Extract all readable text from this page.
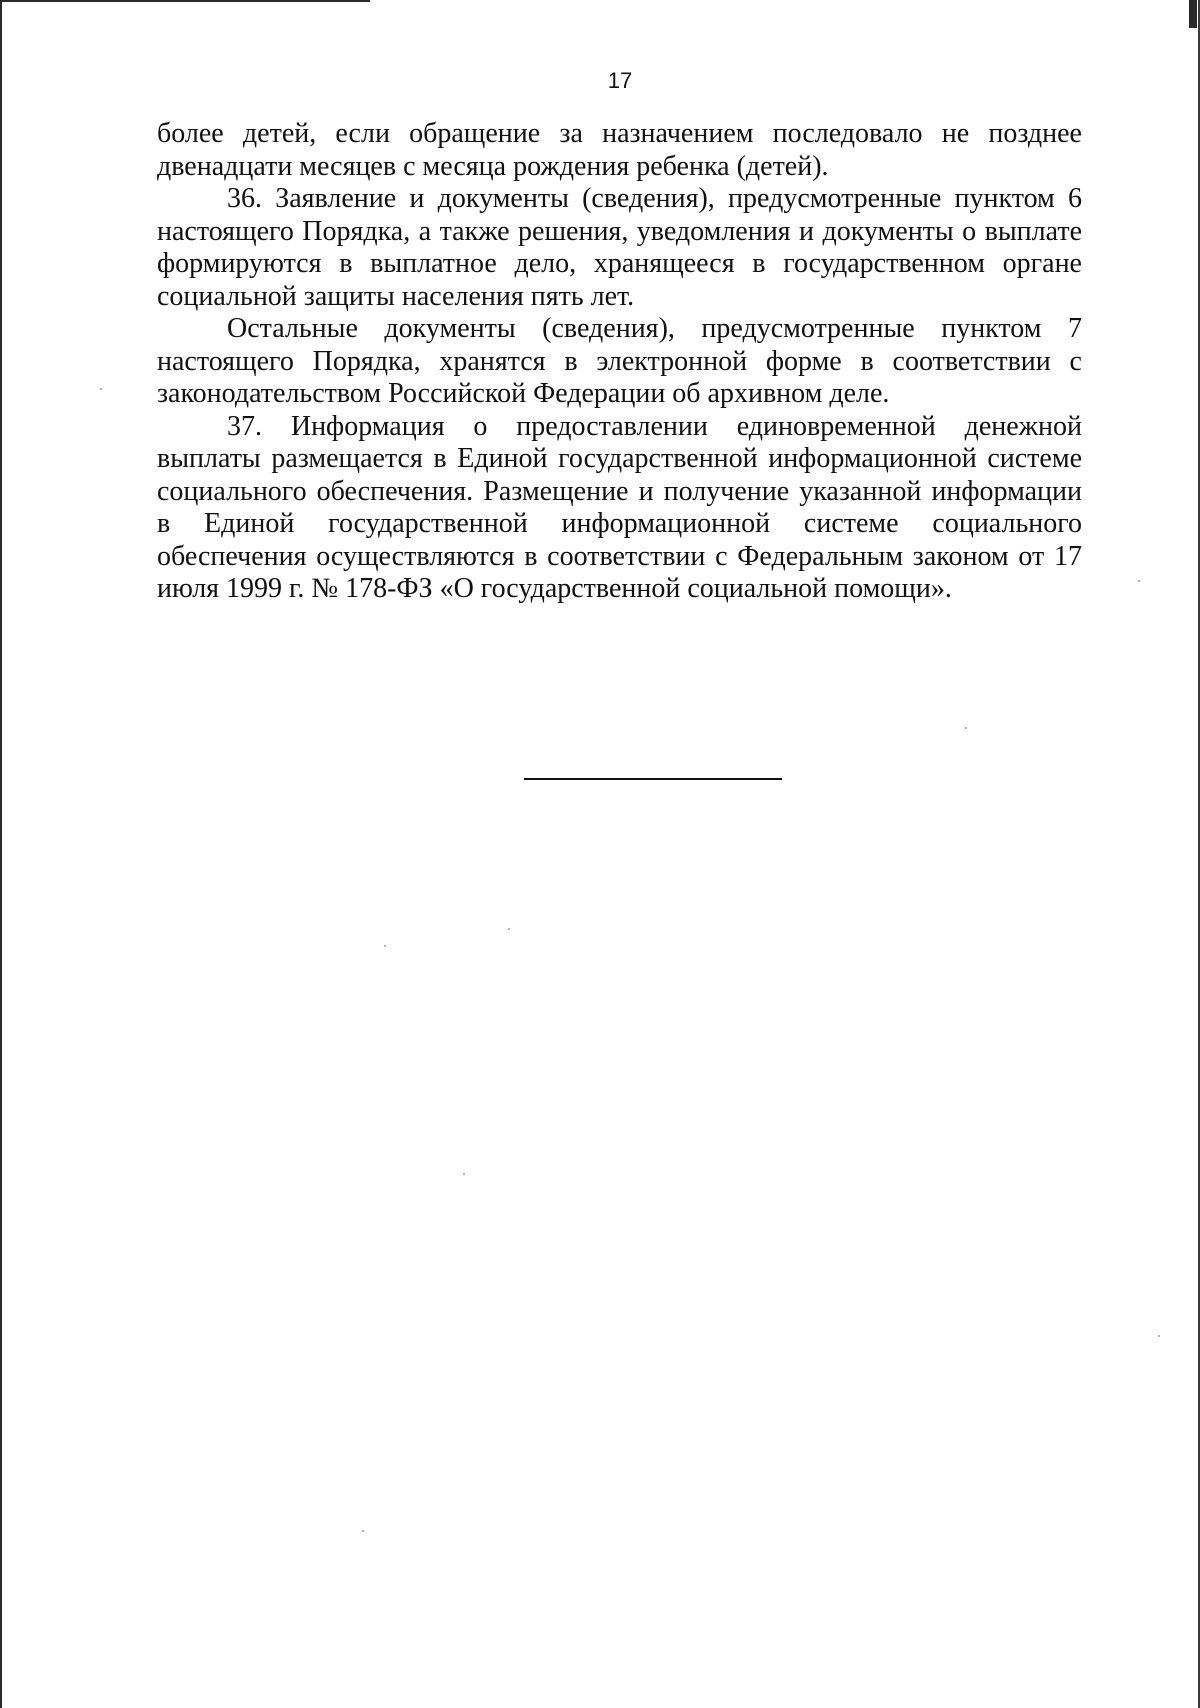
17

более детей, если обращение за назначением последовало не позднее двенадцати месяцев с месяца рождения ребенка (детей).

36. Заявление и документы (сведения), предусмотренные пунктом 6 настоящего Порядка, а также решения, уведомления и документы о выплате формируются в выплатное дело, хранящееся в государственном органе социальной защиты населения пять лет.

Остальные документы (сведения), предусмотренные пунктом 7 настоящего Порядка, хранятся в электронной форме в соответствии с законодательством Российской Федерации об архивном деле.

37. Информация о предоставлении единовременной денежной выплаты размещается в Единой государственной информационной системе социального обеспечения. Размещение и получение указанной информации в Единой государственной информационной системе социального обеспечения осуществляются в соответствии с Федеральным законом от 17 июля 1999 г. № 178-ФЗ «О государственной социальной помощи».
